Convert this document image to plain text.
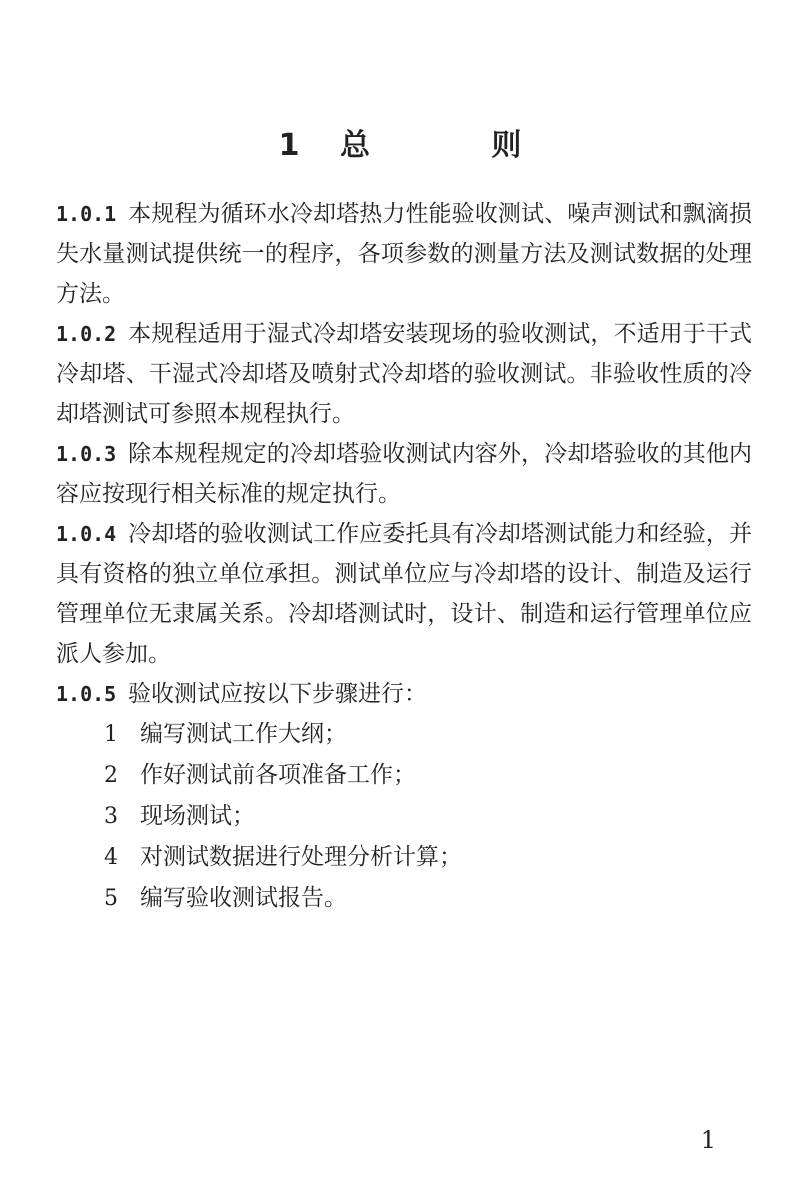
1 总   则

1.0.1 本规程为循环水冷却塔热力性能验收测试、噪声测试和飘滴损失水量测试提供统一的程序，各项参数的测量方法及测试数据的处理方法。

1.0.2 本规程适用于湿式冷却塔安装现场的验收测试，不适用于干式冷却塔、干湿式冷却塔及喷射式冷却塔的验收测试。非验收性质的冷却塔测试可参照本规程执行。

1.0.3 除本规程规定的冷却塔验收测试内容外，冷却塔验收的其他内容应按现行相关标准的规定执行。

1.0.4 冷却塔的验收测试工作应委托具有冷却塔测试能力和经验，并具有资格的独立单位承担。测试单位应与冷却塔的设计、制造及运行管理单位无隶属关系。冷却塔测试时，设计、制造和运行管理单位应派人参加。

1.0.5 验收测试应按以下步骤进行：

1 编写测试工作大纲；
2 作好测试前各项准备工作；
3 现场测试；
4 对测试数据进行处理分析计算；
5 编写验收测试报告。
1
